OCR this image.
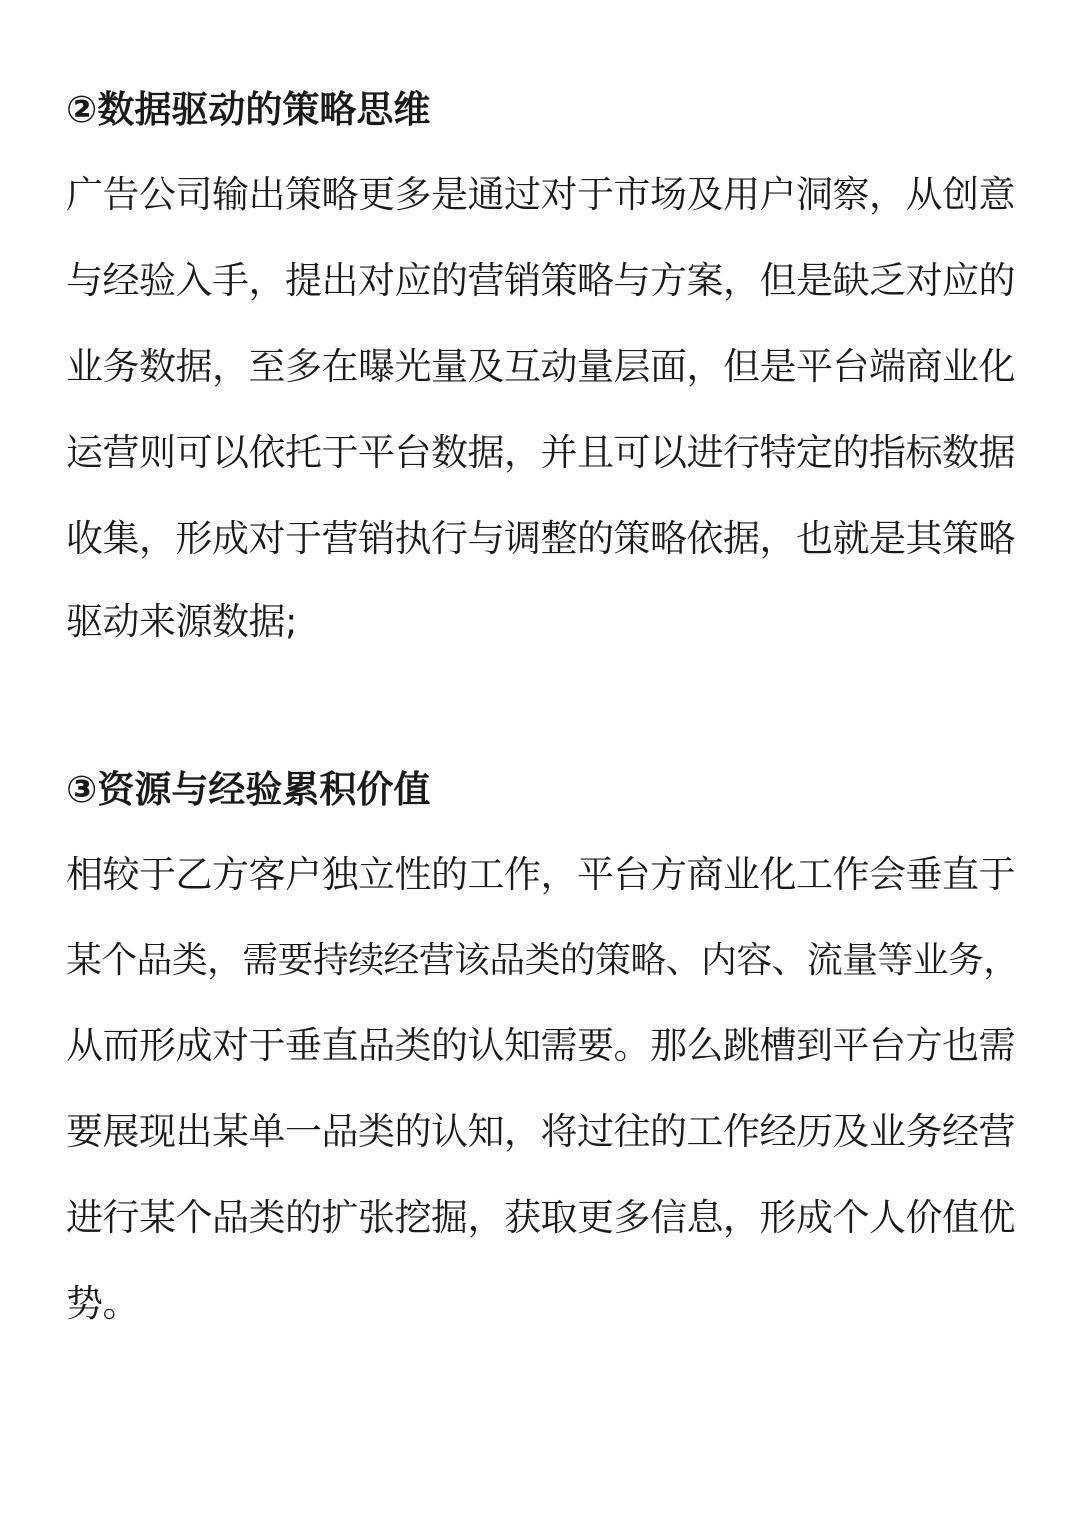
②数据驱动的策略思维

广告公司输出策略更多是通过对于市场及用户洞察，从创意

与经验入手，提出对应的营销策略与方案，但是缺乏对应的

业务数据，至多在曝光量及互动量层面，但是平台端商业化

运营则可以依托于平台数据，并且可以进行特定的指标数据

收集，形成对于营销执行与调整的策略依据，也就是其策略

驱动来源数据;

③资源与经验累积价值

相较于乙方客户独立性的工作，平台方商业化工作会垂直于

某个品类，需要持续经营该品类的策略、内容、流量等业务，

从而形成对于垂直品类的认知需要。那么跳槽到平台方也需

要展现出某单一品类的认知，将过往的工作经历及业务经营

进行某个品类的扩张挖掘，获取更多信息，形成个人价值优

势。
